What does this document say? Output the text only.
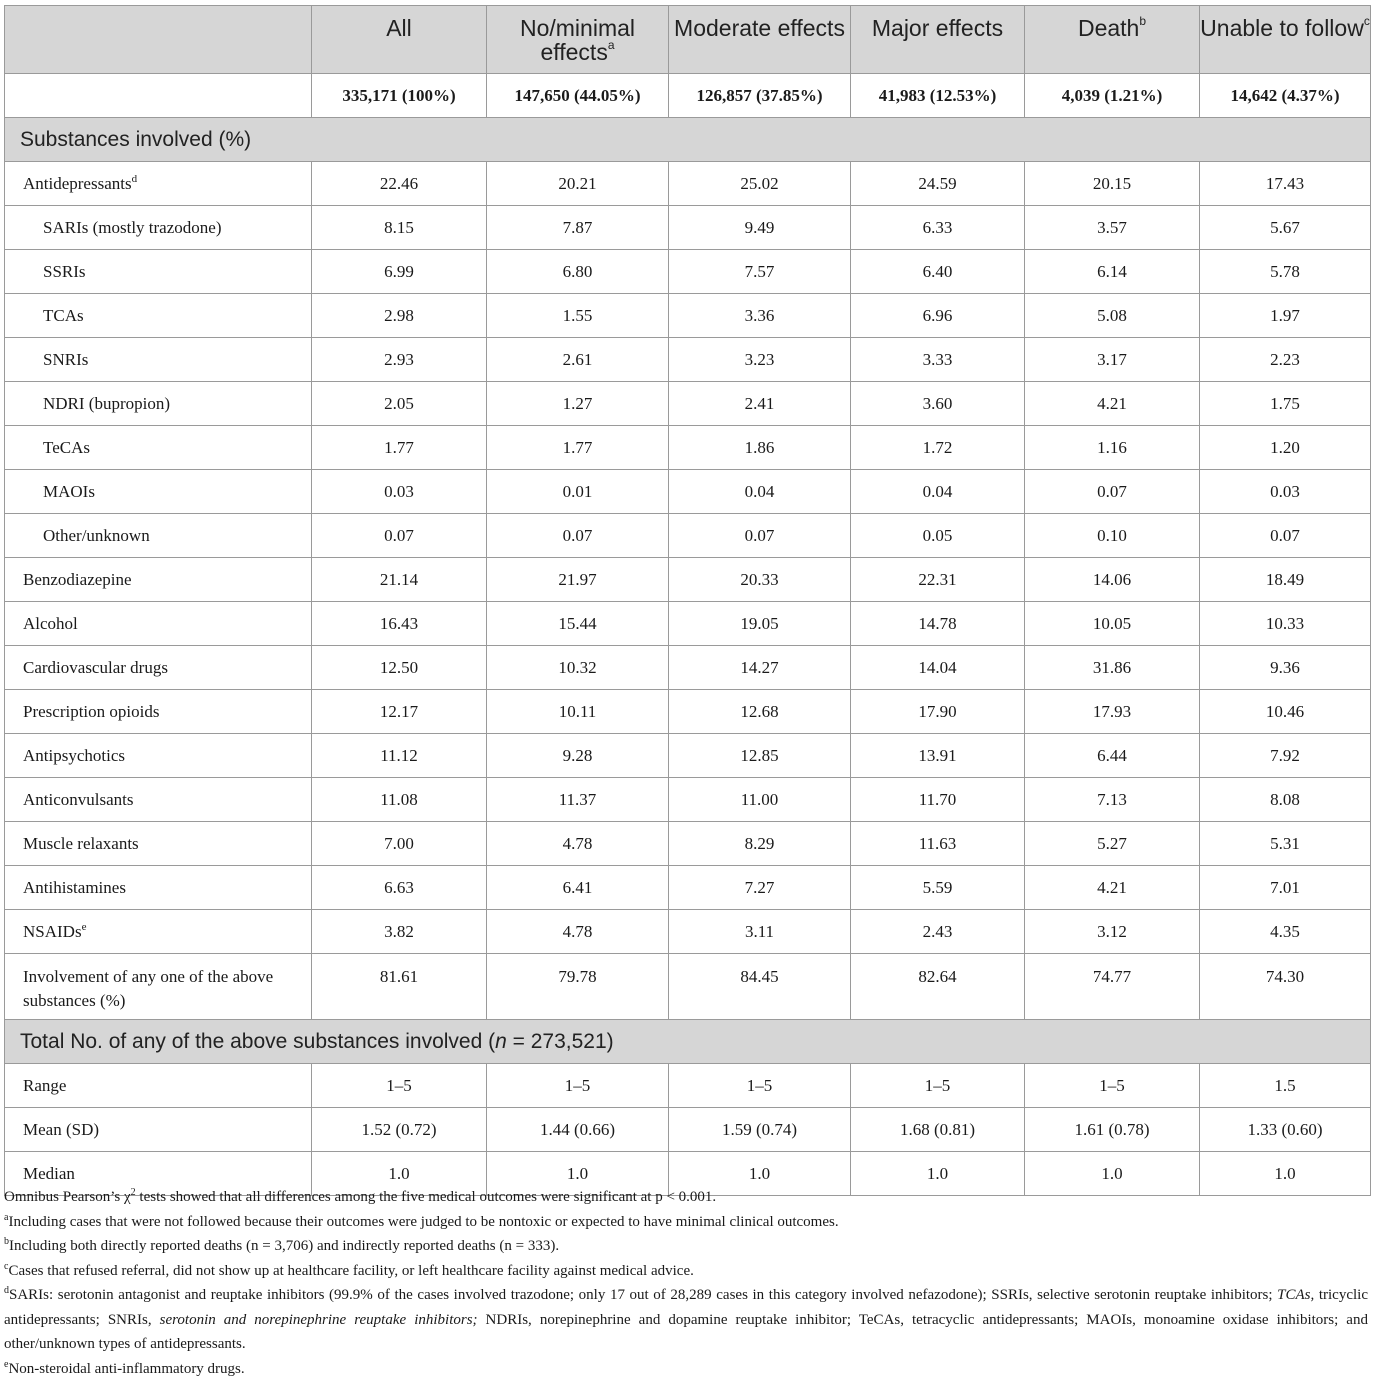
	All	No/minimal effects$^a$	Moderate effects	Major effects	Death$^b$	Unable to follow$^c$
	335,171 (100%)	147,650 (44.05%)	126,857 (37.85%)	41,983 (12.53%)	4,039 (1.21%)	14,642 (4.37%)
Substances involved (%)						
Antidepressants$^d$	22.46	20.21	25.02	24.59	20.15	17.43
SARIs (mostly trazodone)	8.15	7.87	9.49	6.33	3.57	5.67
SSRIs	6.99	6.80	7.57	6.40	6.14	5.78
TCAs	2.98	1.55	3.36	6.96	5.08	1.97
SNRIs	2.93	2.61	3.23	3.33	3.17	2.23
NDRI (bupropion)	2.05	1.27	2.41	3.60	4.21	1.75
TeCAs	1.77	1.77	1.86	1.72	1.16	1.20
MAOIs	0.03	0.01	0.04	0.04	0.07	0.03
Other/unknown	0.07	0.07	0.07	0.05	0.10	0.07
Benzodiazepine	21.14	21.97	20.33	22.31	14.06	18.49
Alcohol	16.43	15.44	19.05	14.78	10.05	10.33
Cardiovascular drugs	12.50	10.32	14.27	14.04	31.86	9.36
Prescription opioids	12.17	10.11	12.68	17.90	17.93	10.46
Antipsychotics	11.12	9.28	12.85	13.91	6.44	7.92
Anticonvulsants	11.08	11.37	11.00	11.70	7.13	8.08
Muscle relaxants	7.00	4.78	8.29	11.63	5.27	5.31
Antihistamines	6.63	6.41	7.27	5.59	4.21	7.01
NSAIDs$^e$	3.82	4.78	3.11	2.43	3.12	4.35
Involvement of any one of the above substances (%)	81.61	79.78	84.45	82.64	74.77	74.30
Total No. of any of the above substances involved (n = 273,521)						
Range	1–5	1–5	1–5	1–5	1–5	1.5
Mean (SD)	1.52 (0.72)	1.44 (0.66)	1.59 (0.74)	1.68 (0.81)	1.61 (0.78)	1.33 (0.60)
Median	1.0	1.0	1.0	1.0	1.0	1.0

Omnibus Pearson’s $\chi^2$ tests showed that all differences among the five medical outcomes were significant at p < 0.001.

$^a$Including cases that were not followed because their outcomes were judged to be nontoxic or expected to have minimal clinical outcomes.

$^b$Including both directly reported deaths (n = 3,706) and indirectly reported deaths (n = 333).

$^c$Cases that refused referral, did not show up at healthcare facility, or left healthcare facility against medical advice.

$^d$SARIs: serotonin antagonist and reuptake inhibitors (99.9% of the cases involved trazodone; only 17 out of 28,289 cases in this category involved nefazodone); SSRIs, selective serotonin reuptake inhibitors; TCAs, tricyclic antidepressants; SNRIs, serotonin and norepinephrine reuptake inhibitors; NDRIs, norepinephrine and dopamine reuptake inhibitor; TeCAs, tetracyclic antidepressants; MAOIs, monoamine oxidase inhibitors; and other/unknown types of antidepressants.

$^e$Non-steroidal anti-inflammatory drugs.
